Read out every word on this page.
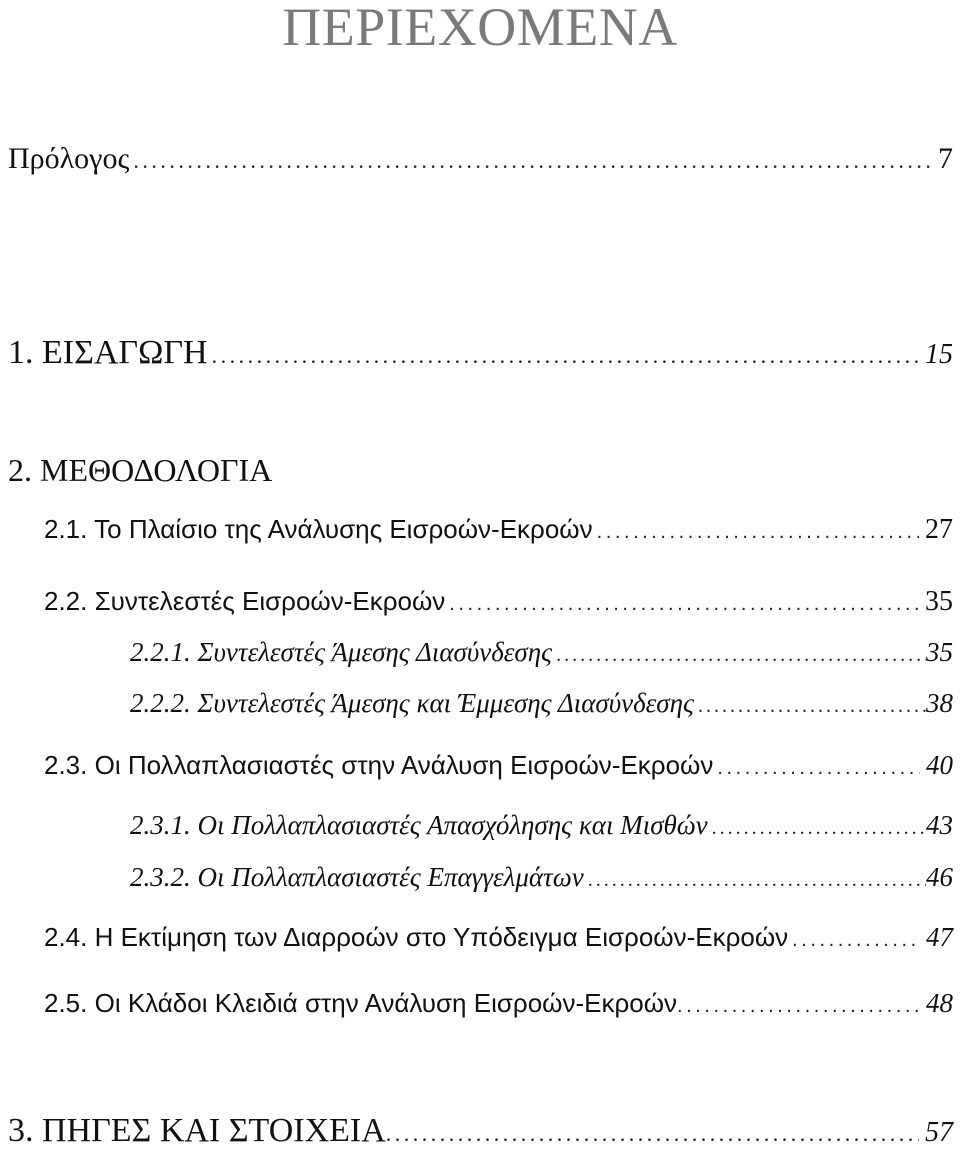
ΠΕΡΙΕΧΟΜΕΝΑ
Πρόλογος . . .	7
1. ΕΙΣΑΓΩΓΗ . . .	15
2. ΜΕΘΟΔΟΛΟΓΙΑ
2.1. Το Πλαίσιο της Ανάλυσης Εισροών-Εκροών . . .	27
2.2. Συντελεστές Εισροών-Εκροών . . .	35
2.2.1. Συντελεστές Άμεσης Διασύνδεσης . . .	35
2.2.2. Συντελεστές Άμεσης και Έμμεσης Διασύνδεσης . . .	38
2.3. Οι Πολλαπλασιαστές στην Ανάλυση Εισροών-Εκροών . . .	40
2.3.1. Οι Πολλαπλασιαστές Απασχόλησης και Μισθών . . .	43
2.3.2. Οι Πολλαπλασιαστές Επαγγελμάτων . . .	46
2.4. Η Εκτίμηση των Διαρροών στο Υπόδειγμα Εισροών-Εκροών . . .	47
2.5. Οι Κλάδοι Κλειδιά στην Ανάλυση Εισροών-Εκροών . . .	48
3. ΠΗΓΕΣ ΚΑΙ ΣΤΟΙΧΕΙΑ . . .	57
